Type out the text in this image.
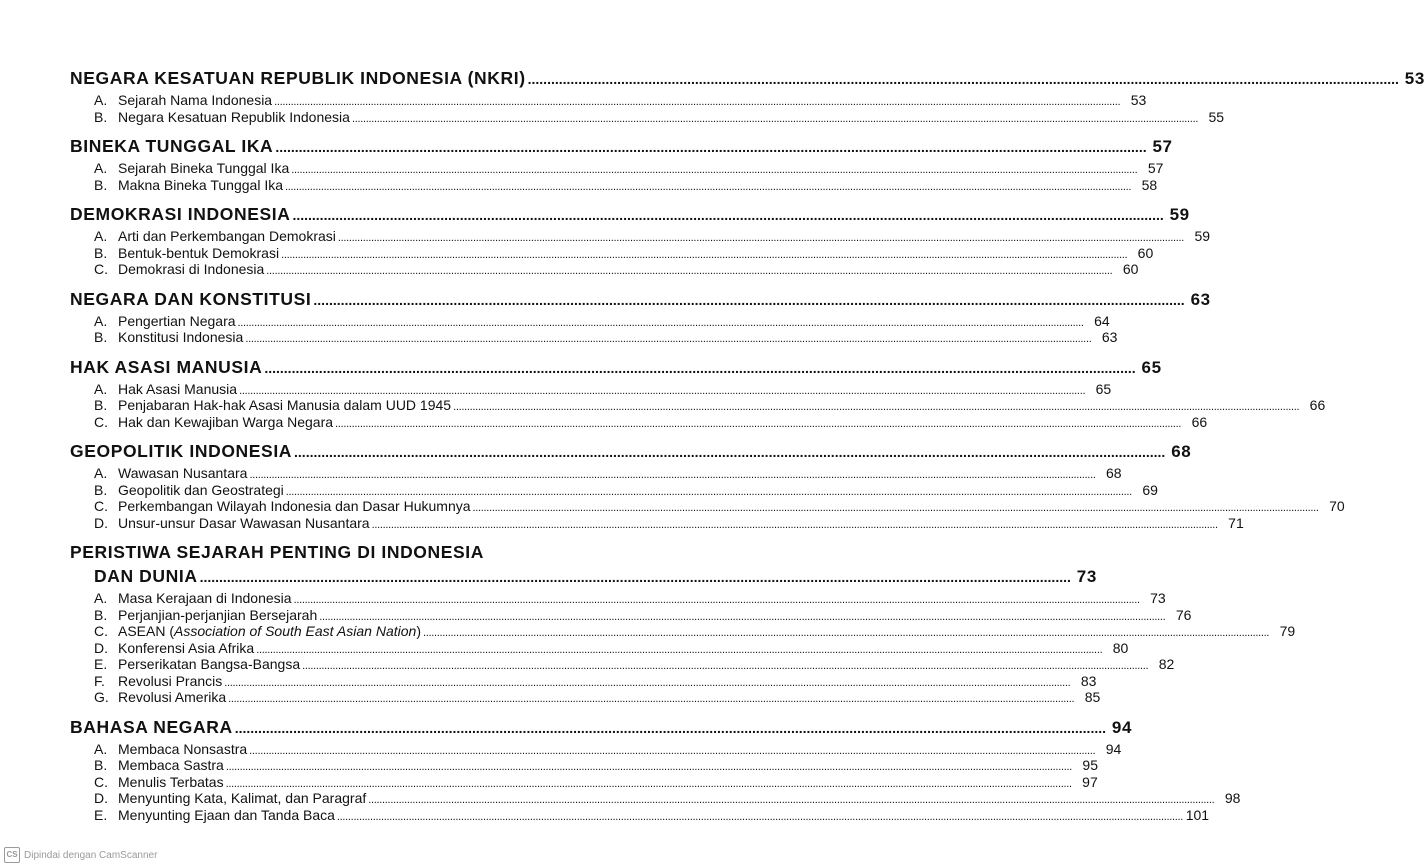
NEGARA KESATUAN REPUBLIK INDONESIA (NKRI) .....	53
A. Sejarah Nama Indonesia .....	53
B. Negara Kesatuan Republik Indonesia .....	55
BINEKA TUNGGAL IKA .....	57
A. Sejarah Bineka Tunggal Ika .....	57
B. Makna Bineka Tunggal Ika .....	58
DEMOKRASI INDONESIA .....	59
A. Arti dan Perkembangan Demokrasi .....	59
B. Bentuk-bentuk Demokrasi .....	60
C. Demokrasi di Indonesia .....	60
NEGARA DAN KONSTITUSI .....	63
A. Pengertian Negara .....	64
B. Konstitusi Indonesia .....	63
HAK ASASI MANUSIA .....	65
A. Hak Asasi Manusia .....	65
B. Penjabaran Hak-hak Asasi Manusia dalam UUD 1945 .....	66
C. Hak dan Kewajiban Warga Negara .....	66
GEOPOLITIK INDONESIA .....	68
A. Wawasan Nusantara .....	68
B. Geopolitik dan Geostrategi .....	69
C. Perkembangan Wilayah Indonesia dan Dasar Hukumnya .....	70
D. Unsur-unsur Dasar Wawasan Nusantara .....	71
PERISTIWA SEJARAH PENTING DI INDONESIA
DAN DUNIA .....	73
A. Masa Kerajaan di Indonesia .....	73
B. Perjanjian-perjanjian Bersejarah .....	76
C. ASEAN (Association of South East Asian Nation) .....	79
D. Konferensi Asia Afrika .....	80
E. Perserikatan Bangsa-Bangsa .....	82
F. Revolusi Prancis .....	83
G. Revolusi Amerika .....	85
BAHASA NEGARA .....	94
A. Membaca Nonsastra .....	94
B. Membaca Sastra .....	95
C. Menulis Terbatas .....	97
D. Menyunting Kata, Kalimat, dan Paragraf .....	98
E. Menyunting Ejaan dan Tanda Baca .....	101
CS Dipindai dengan CamScanner
